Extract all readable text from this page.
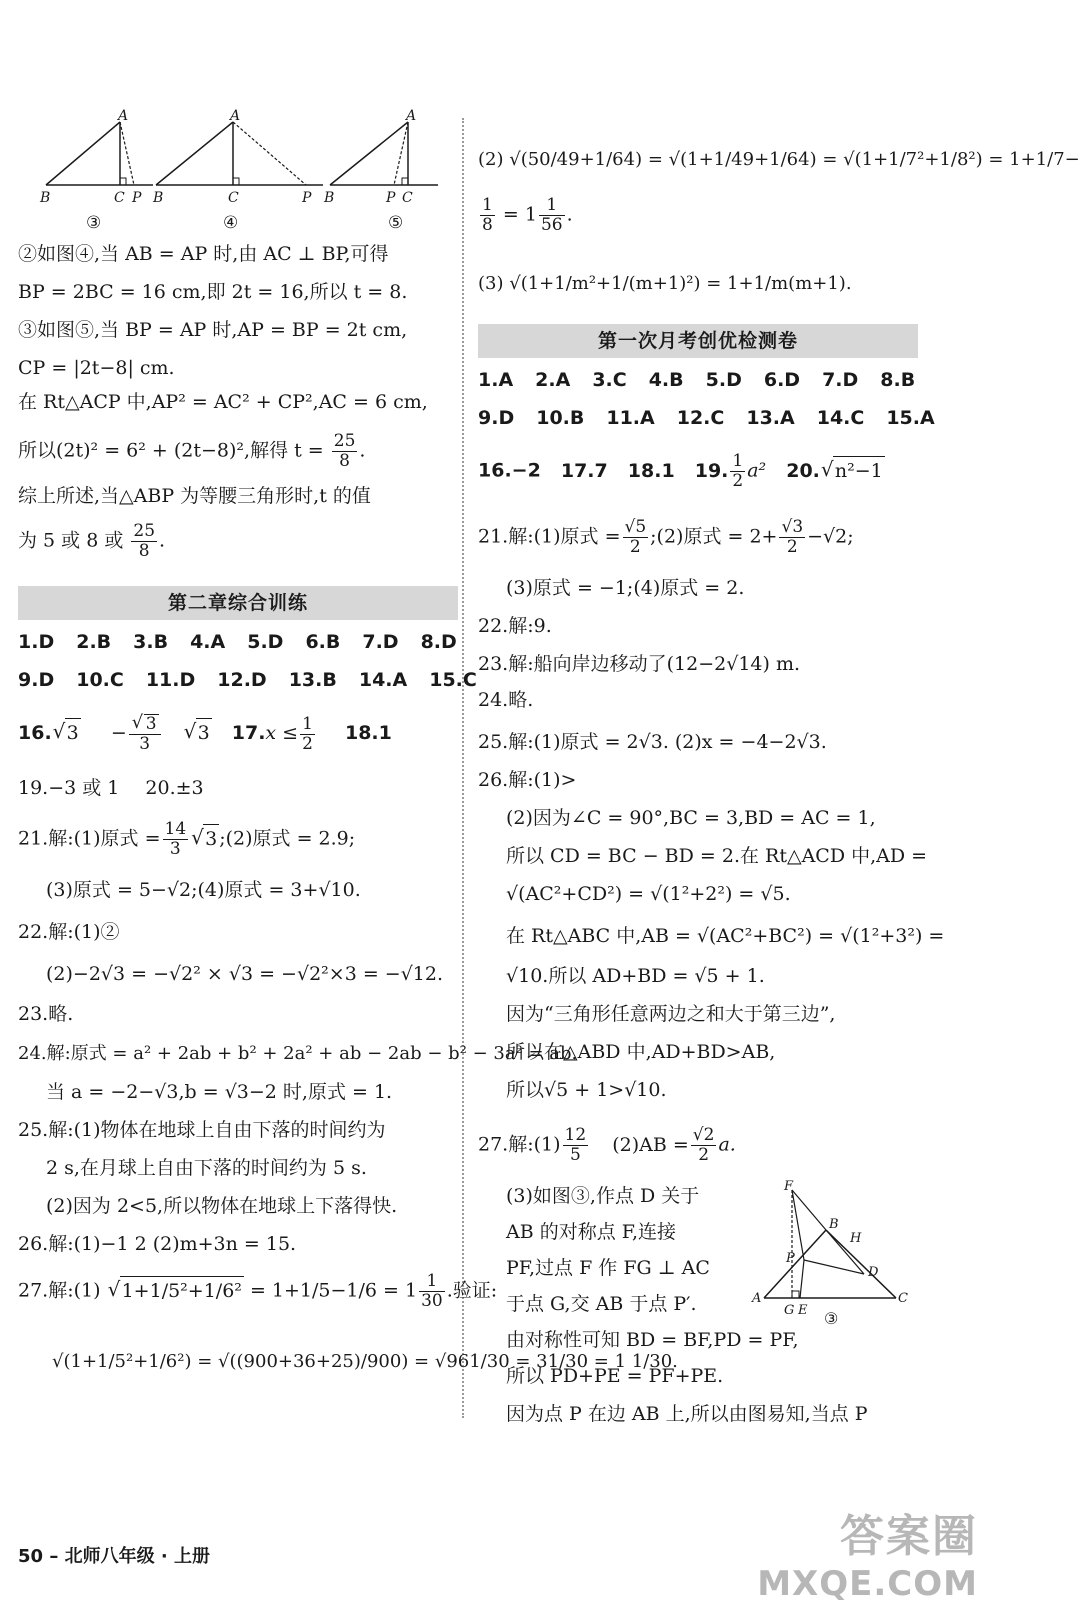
A
B	C P
③
A
B	C	P
④
A
B	P C
⑤
②如图④,当 AB = AP 时,由 AC ⊥ BP,可得
BP = 2BC = 16 cm,即 2t = 16,所以 t = 8.
③如图⑤,当 BP = AP 时,AP = BP = 2t cm,
CP = |2t−8| cm.
在 Rt△ACP 中,AP² = AC² + CP²,AC = 6 cm,
所以(2t)² = 6² + (2t−8)²,解得 $t = \frac{25}{8}$ .
综上所述,当△ABP 为等腰三角形时,t 的值
为 5 或 8 或 $\frac{25}{8}$ .
第二章综合训练
1.D 2.B 3.B 4.A 5.D 6.B 7.D 8.D
9.D 10.C 11.D 12.D 13.B 14.A 15.C
16. √ 3 − √ $\frac{3}{3}$ √ 3 $17.x \le \frac{1}{2} 18.1$
19.−3 或 1 20.±3
21.解:(1)原式 = $\frac{14}{3}$ √ 3 ;(2)原式 = 2.9;
(3)原式 = 5−√2;(4)原式 = 3+√10.
22.解:(1)②
(2)−2√3 = −√2² × √3 = −√2²×3 = −√12.
23.略.
24.解:原式 = a² + 2ab + b² + 2a² + ab − 2ab − b² − 3a² = ab.
当 a = −2−√3,b = √3−2 时,原式 = 1.
25.解:(1)物体在地球上自由下落的时间约为
2 s,在月球上自由下落的时间约为 5 s.
(2)因为 2<5,所以物体在地球上下落得快.
26.解:(1)−1 2 (2)m+3n = 15.
27.解:(1) √ $1+1/5^2+1/6^2 = 1+1/5-1/6 = 1 \frac{1}{30}$ .验证:
√(1+1/5²+1/6²) = √((900+36+25)/900) = √961/30 = 31/30 = 1 1/30.
50 – 北师八年级 · 上册
(2) √(50/49+1/64) = √(1+1/49+1/64) = √(1+1/7²+1/8²) = 1+1/7−
$\frac{1}{8} = 1 \frac{1}{56}$ .
(3) √(1+1/m²+1/(m+1)²) = 1+1/m(m+1).
第一次月考创优检测卷
1.A 2.A 3.C 4.B 5.D 6.D 7.D 8.B
9.D 10.B 11.A 12.C 13.A 14.C 15.A
16.−2 17.7 18.1 19. $\frac{1}{2} a^2$ 20. √ n²−1
21.解:(1)原式 = $\frac{√5}{2}$ ;(2)原式 = $2+ \frac{√3}{2} -√2$;
(3)原式 = −1;(4)原式 = 2.
22.解:9.
23.解:船向岸边移动了(12−2√14) m.
24.略.
25.解:(1)原式 = 2√3. (2)x = −4−2√3.
26.解:(1)>
(2)因为∠C = 90°,BC = 3,BD = AC = 1,
所以 CD = BC − BD = 2.在 Rt△ACD 中,AD =
√(AC²+CD²) = √(1²+2²) = √5.
在 Rt△ABC 中,AB = √(AC²+BC²) = √(1²+3²) =
√10.所以 AD+BD = √5 + 1.
因为“三角形任意两边之和大于第三边”,
所以在△ABD 中,AD+BD>AB,
所以√5 + 1>√10.
27.解:(1) $\frac{12}{5} (2)AB = \frac{√2}{2} a$.
(3)如图③,作点 D 关于
AB 的对称点 F,连接
PF,过点 F 作 FG ⊥ AC
于点 G,交 AB 于点 P′.
由对称性可知 BD = BF,PD = PF,
所以 PD+PE = PF+PE.
因为点 P 在边 AB 上,所以由图易知,当点 P
F
B
H
P
D
A
G E
C
③
答案圈
MXQE.COM
